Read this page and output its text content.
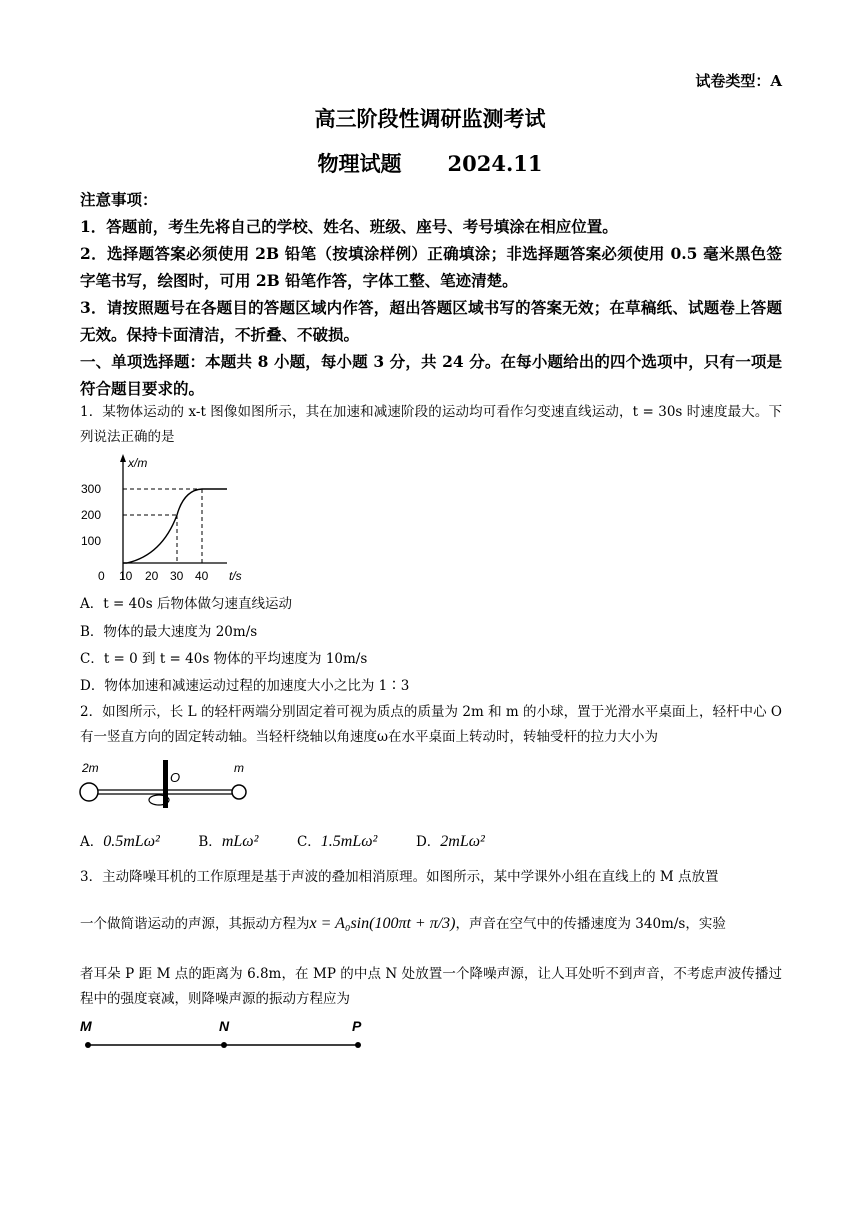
试卷类型：A
高三阶段性调研监测考试
物理试题 2024.11

注意事项：

1．答题前，考生先将自己的学校、姓名、班级、座号、考号填涂在相应位置。

2．选择题答案必须使用 2B 铅笔（按填涂样例）正确填涂；非选择题答案必须使用 0.5 毫米黑色签字笔书写，绘图时，可用 2B 铅笔作答，字体工整、笔迹清楚。

3．请按照题号在各题目的答题区域内作答，超出答题区域书写的答案无效；在草稿纸、试题卷上答题无效。保持卡面清洁，不折叠、不破损。

一、单项选择题：本题共 8 小题，每小题 3 分，共 24 分。在每小题给出的四个选项中，只有一项是符合题目要求的。

1．某物体运动的 x-t 图像如图所示，其在加速和减速阶段的运动均可看作匀变速直线运动，t = 30s 时速度最大。下列说法正确的是

x/m
300
200
100
0 10 20 30 40 t/s
A．t = 40s 后物体做匀速直线运动
B．物体的最大速度为 20m/s
C．t = 0 到 t = 40s 物体的平均速度为 10m/s
D．物体加速和减速运动过程的加速度大小之比为 1∶3

2．如图所示，长 L 的轻杆两端分别固定着可视为质点的质量为 2m 和 m 的小球，置于光滑水平桌面上，轻杆中心 O 有一竖直方向的固定转动轴。当轻杆绕轴以角速度ω在水平桌面上转动时，转轴受杆的拉力大小为

2m
O
m
A．0.5mLω²	B．mLω²	C．1.5mLω²	D．2mLω²

3．主动降噪耳机的工作原理是基于声波的叠加相消原理。如图所示，某中学课外小组在直线上的 M 点放置

一个做简谐运动的声源，其振动方程为x = A₀sin(100πt + π/3)，声音在空气中的传播速度为 340m/s，实验

者耳朵 P 距 M 点的距离为 6.8m，在 MP 的中点 N 处放置一个降噪声源，让人耳处听不到声音，不考虑声波传播过程中的强度衰减，则降噪声源的振动方程应为

M	N	P
